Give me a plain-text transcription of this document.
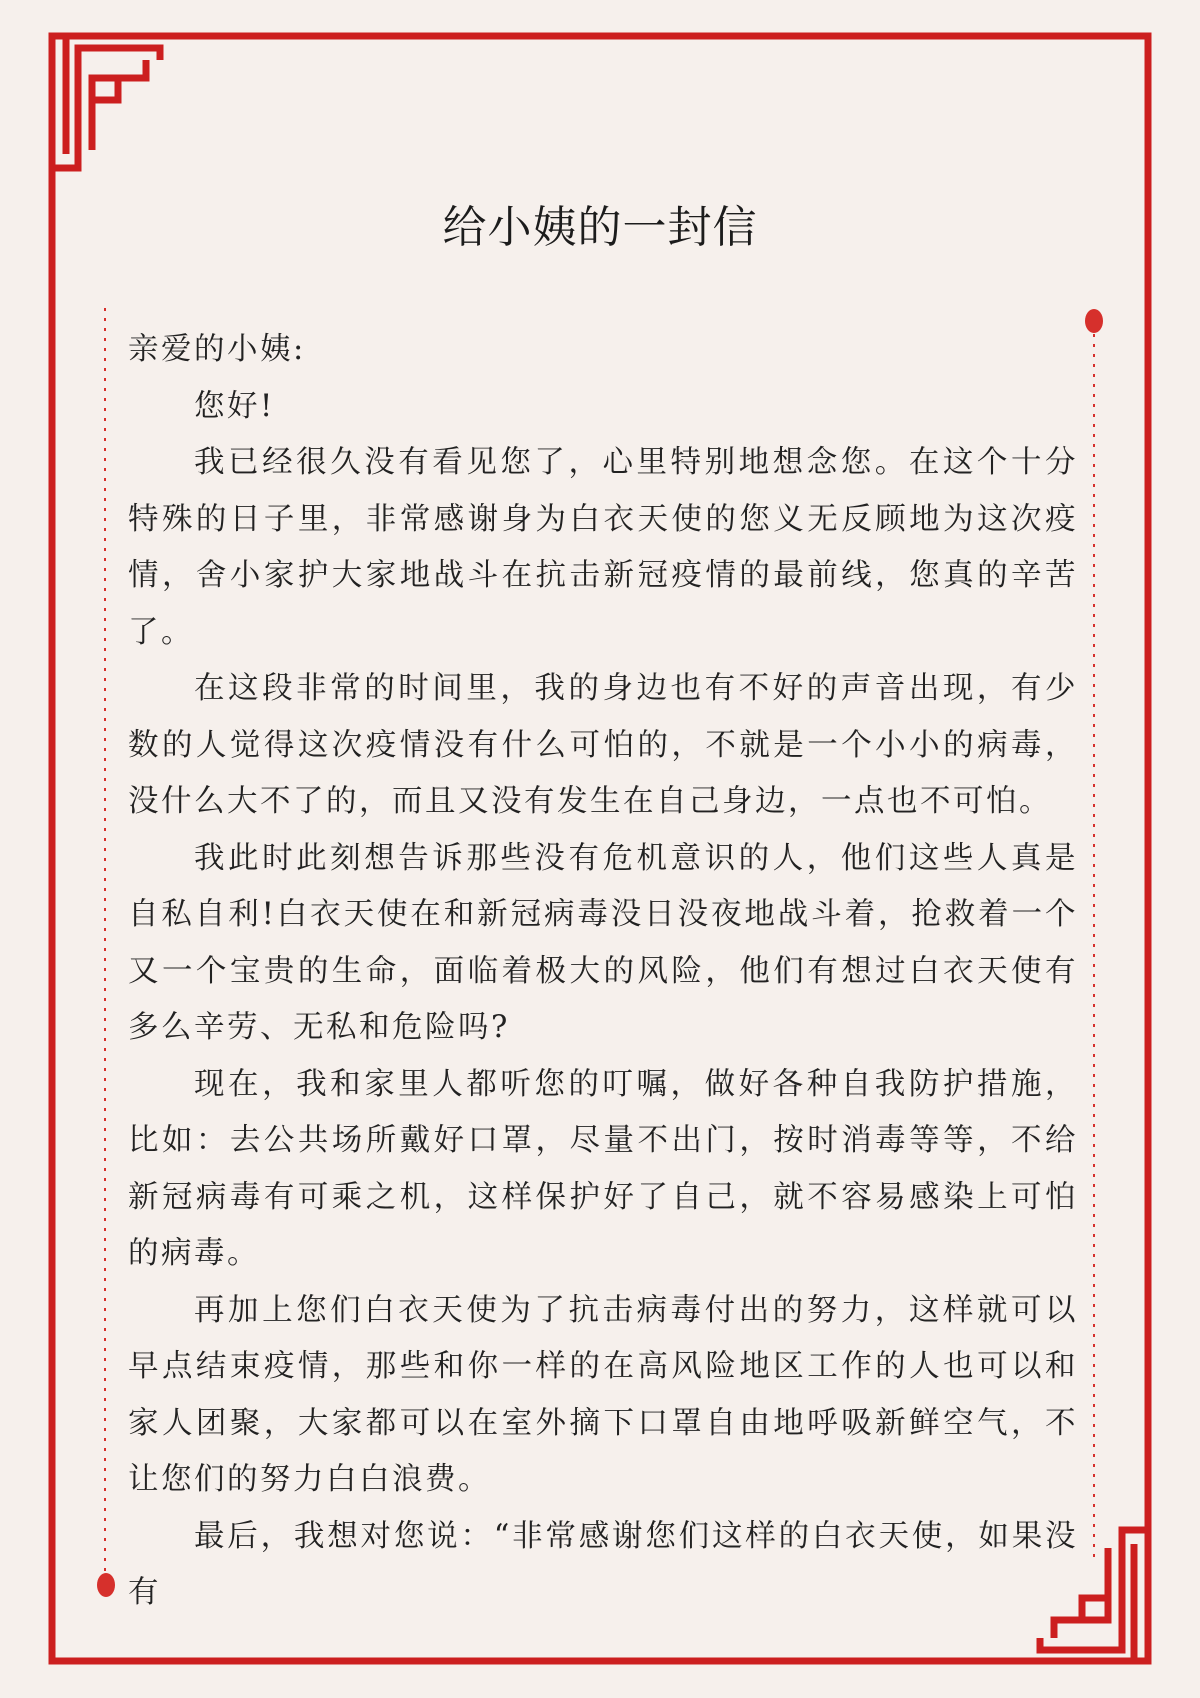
给小姨的一封信

亲爱的小姨:

您好!

我已经很久没有看见您了，心里特别地想念您。在这个十分特殊的日子里，非常感谢身为白衣天使的您义无反顾地为这次疫情，舍小家护大家地战斗在抗击新冠疫情的最前线，您真的辛苦了。

在这段非常的时间里，我的身边也有不好的声音出现，有少数的人觉得这次疫情没有什么可怕的，不就是一个小小的病毒，没什么大不了的，而且又没有发生在自己身边，一点也不可怕。

我此时此刻想告诉那些没有危机意识的人，他们这些人真是自私自利!白衣天使在和新冠病毒没日没夜地战斗着，抢救着一个又一个宝贵的生命，面临着极大的风险，他们有想过白衣天使有多么辛劳、无私和危险吗?

现在，我和家里人都听您的叮嘱，做好各种自我防护措施，比如：去公共场所戴好口罩，尽量不出门，按时消毒等等，不给新冠病毒有可乘之机，这样保护好了自己，就不容易感染上可怕的病毒。

再加上您们白衣天使为了抗击病毒付出的努力，这样就可以早点结束疫情，那些和你一样的在高风险地区工作的人也可以和家人团聚，大家都可以在室外摘下口罩自由地呼吸新鲜空气，不让您们的努力白白浪费。

最后，我想对您说：“非常感谢您们这样的白衣天使，如果没有
